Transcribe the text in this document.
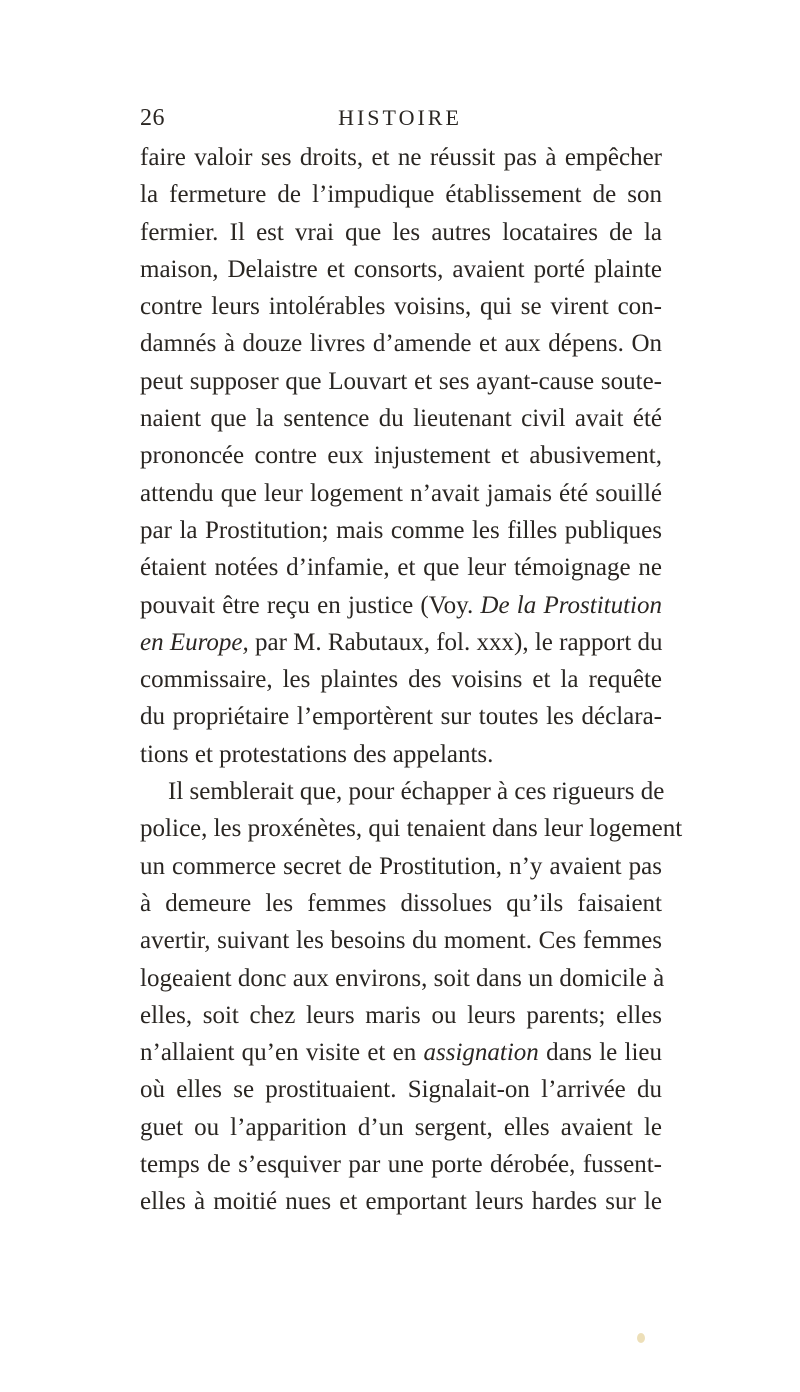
26	HISTOIRE
faire valoir ses droits, et ne réussit pas à empêcher
la fermeture de l’impudique établissement de son
fermier. Il est vrai que les autres locataires de la
maison, Delaistre et consorts, avaient porté plainte
contre leurs intolérables voisins, qui se virent con-
damnés à douze livres d’amende et aux dépens. On
peut supposer que Louvart et ses ayant-cause soute-
naient que la sentence du lieutenant civil avait été
prononcée contre eux injustement et abusivement,
attendu que leur logement n’avait jamais été souillé
par la Prostitution; mais comme les filles publiques
étaient notées d’infamie, et que leur témoignage ne
pouvait être reçu en justice (Voy. De la Prostitution
en Europe, par M. Rabutaux, fol. xxx), le rapport du
commissaire, les plaintes des voisins et la requête
du propriétaire l’emportèrent sur toutes les déclara-
tions et protestations des appelants.
Il semblerait que, pour échapper à ces rigueurs de
police, les proxénètes, qui tenaient dans leur logement
un commerce secret de Prostitution, n’y avaient pas
à demeure les femmes dissolues qu’ils faisaient
avertir, suivant les besoins du moment. Ces femmes
logeaient donc aux environs, soit dans un domicile à
elles, soit chez leurs maris ou leurs parents; elles
n’allaient qu’en visite et en assignation dans le lieu
où elles se prostituaient. Signalait-on l’arrivée du
guet ou l’apparition d’un sergent, elles avaient le
temps de s’esquiver par une porte dérobée, fussent-
elles à moitié nues et emportant leurs hardes sur le
